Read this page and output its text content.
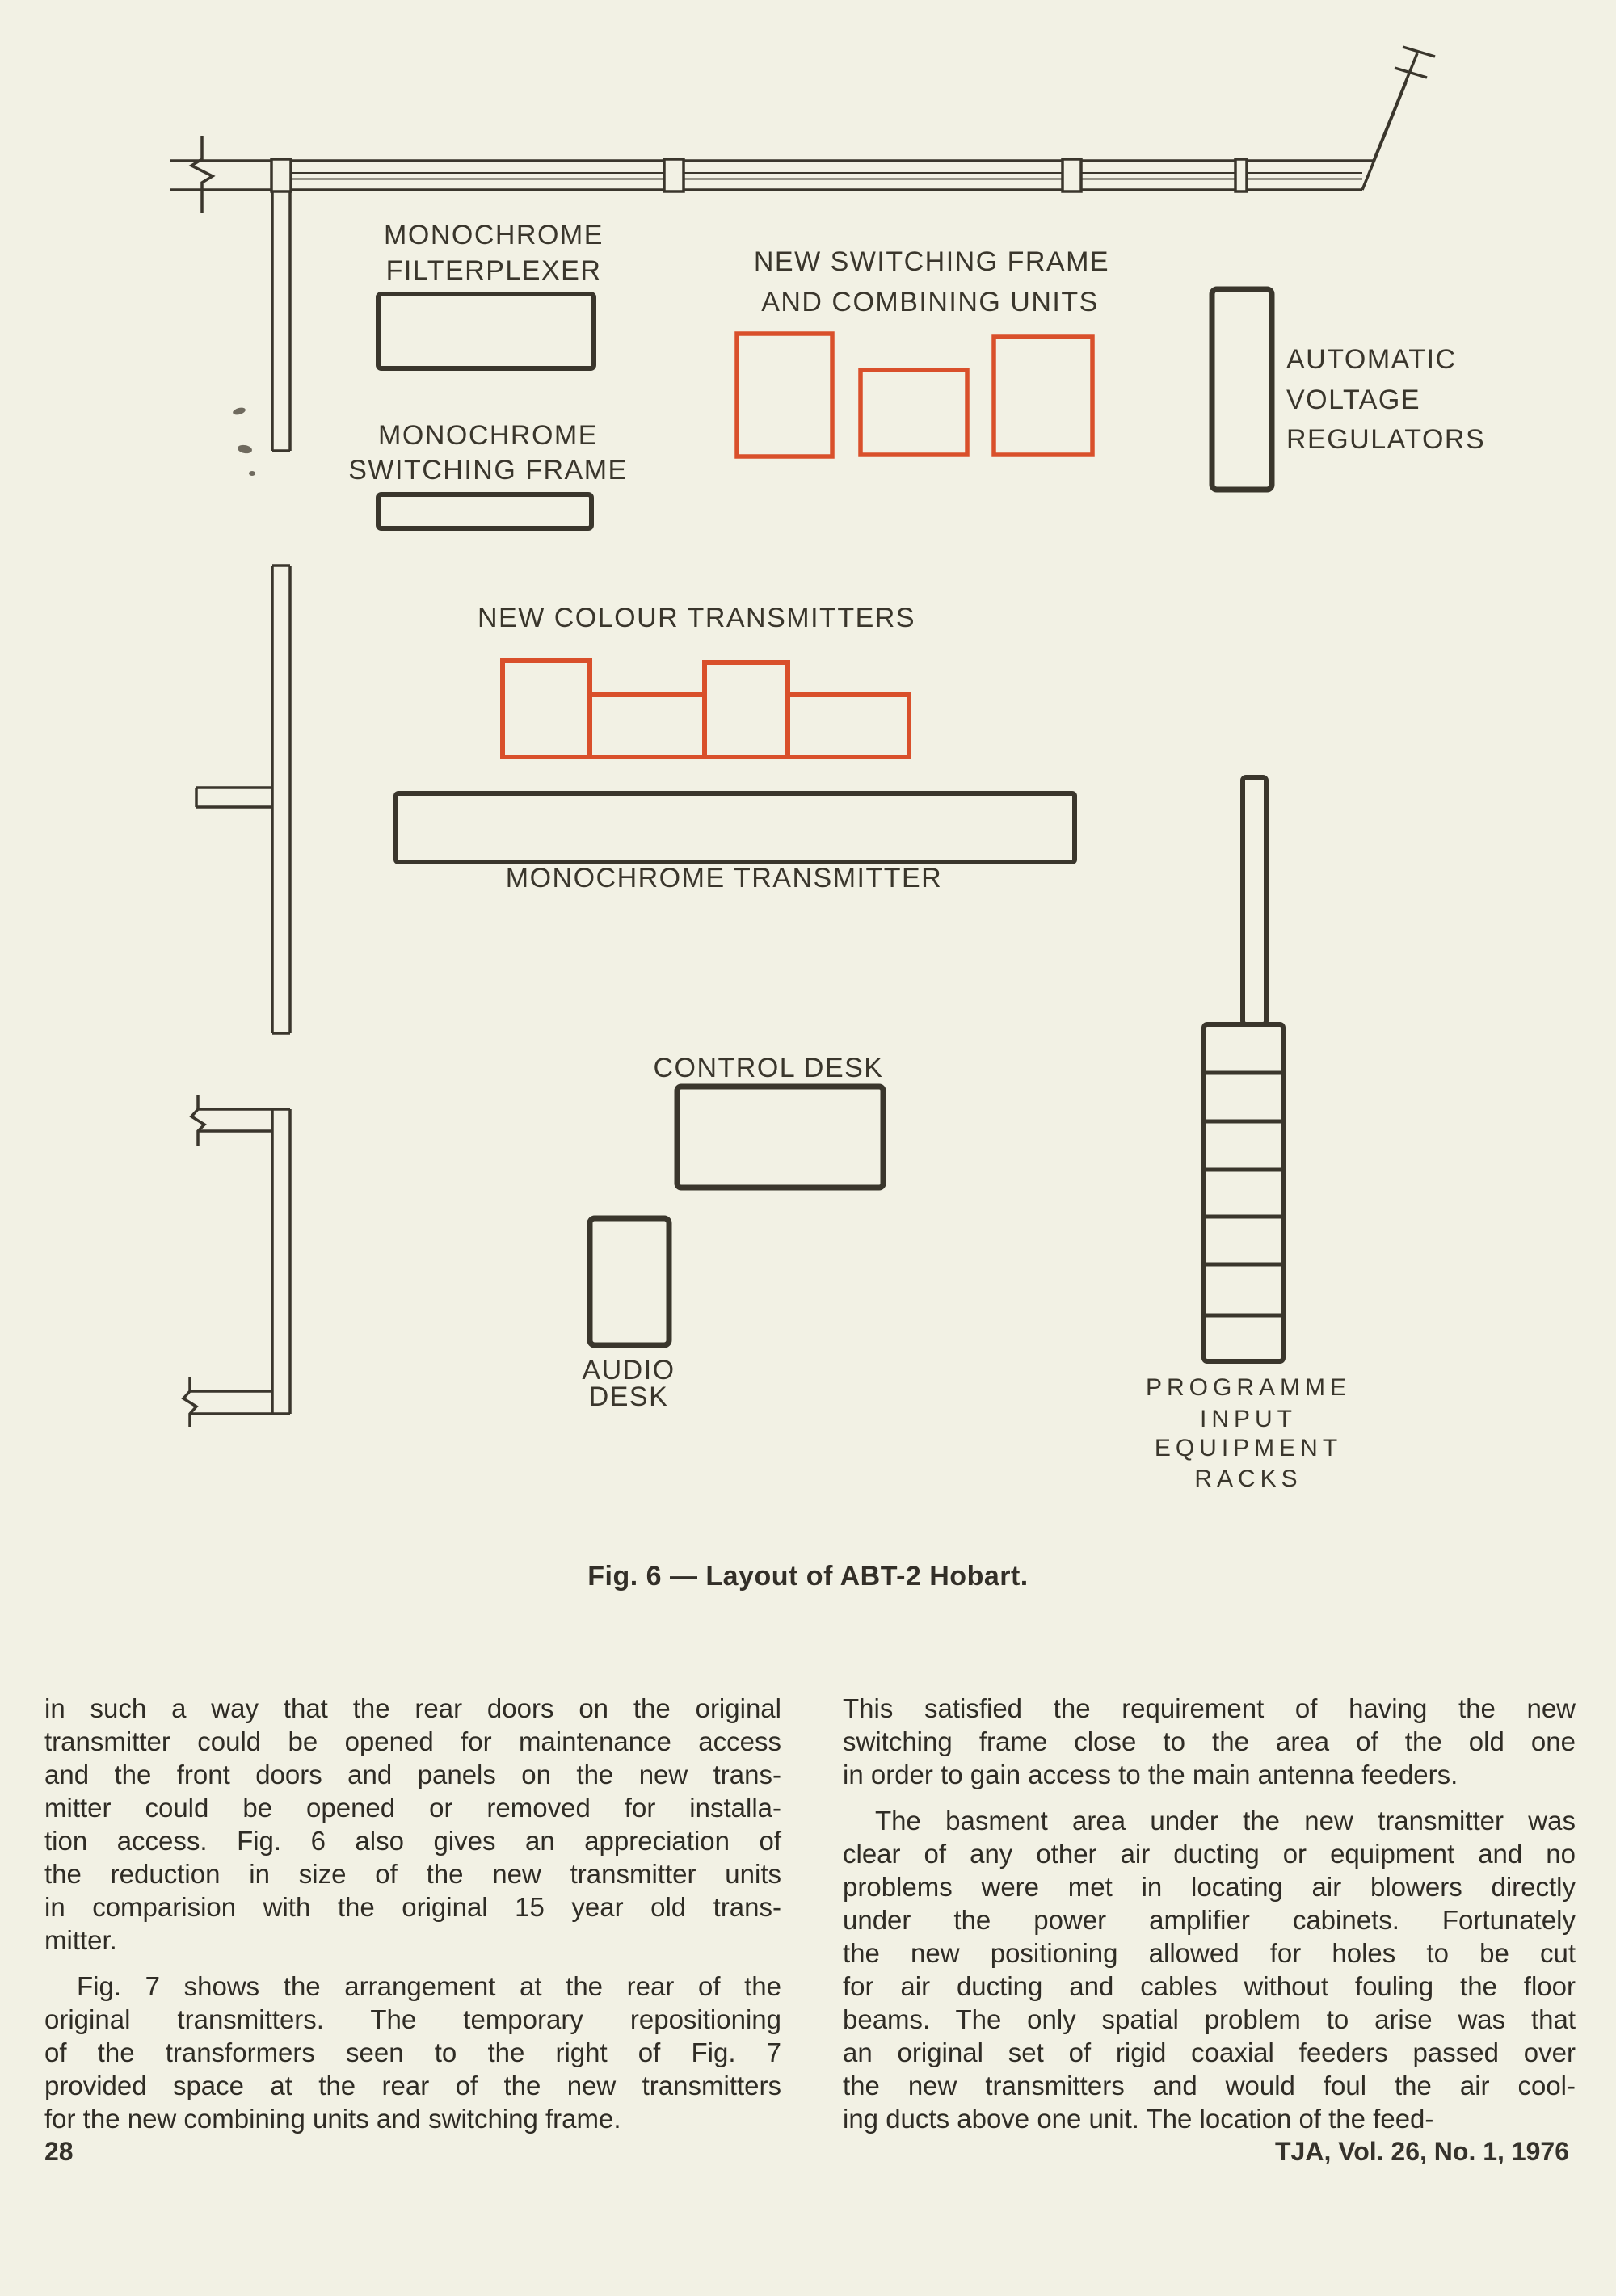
MONOCHROME
FILTERPLEXER
MONOCHROME
SWITCHING FRAME
NEW SWITCHING FRAME
AND COMBINING UNITS
AUTOMATIC
VOLTAGE
REGULATORS
NEW COLOUR TRANSMITTERS
MONOCHROME TRANSMITTER
CONTROL DESK
AUDIO
DESK	PROGRAMME
INPUT
EQUIPMENT
RACKS
Fig. 6 — Layout of ABT-2 Hobart.
in such a way that the rear doors on the original
transmitter could be opened for maintenance access
and the front doors and panels on the new trans-
mitter could be opened or removed for installa-
tion access. Fig. 6 also gives an appreciation of
the reduction in size of the new transmitter units
in comparision with the original 15 year old trans-
mitter.
Fig. 7 shows the arrangement at the rear of the
original transmitters. The temporary repositioning
of the transformers seen to the right of Fig. 7
provided space at the rear of the new transmitters
for the new combining units and switching frame.
This satisfied the requirement of having the new
switching frame close to the area of the old one
in order to gain access to the main antenna feeders.
The basment area under the new transmitter was
clear of any other air ducting or equipment and no
problems were met in locating air blowers directly
under the power amplifier cabinets. Fortunately
the new positioning allowed for holes to be cut
for air ducting and cables without fouling the floor
beams. The only spatial problem to arise was that
an original set of rigid coaxial feeders passed over
the new transmitters and would foul the air cool-
ing ducts above one unit. The location of the feed-
28	TJA, Vol. 26, No. 1, 1976
